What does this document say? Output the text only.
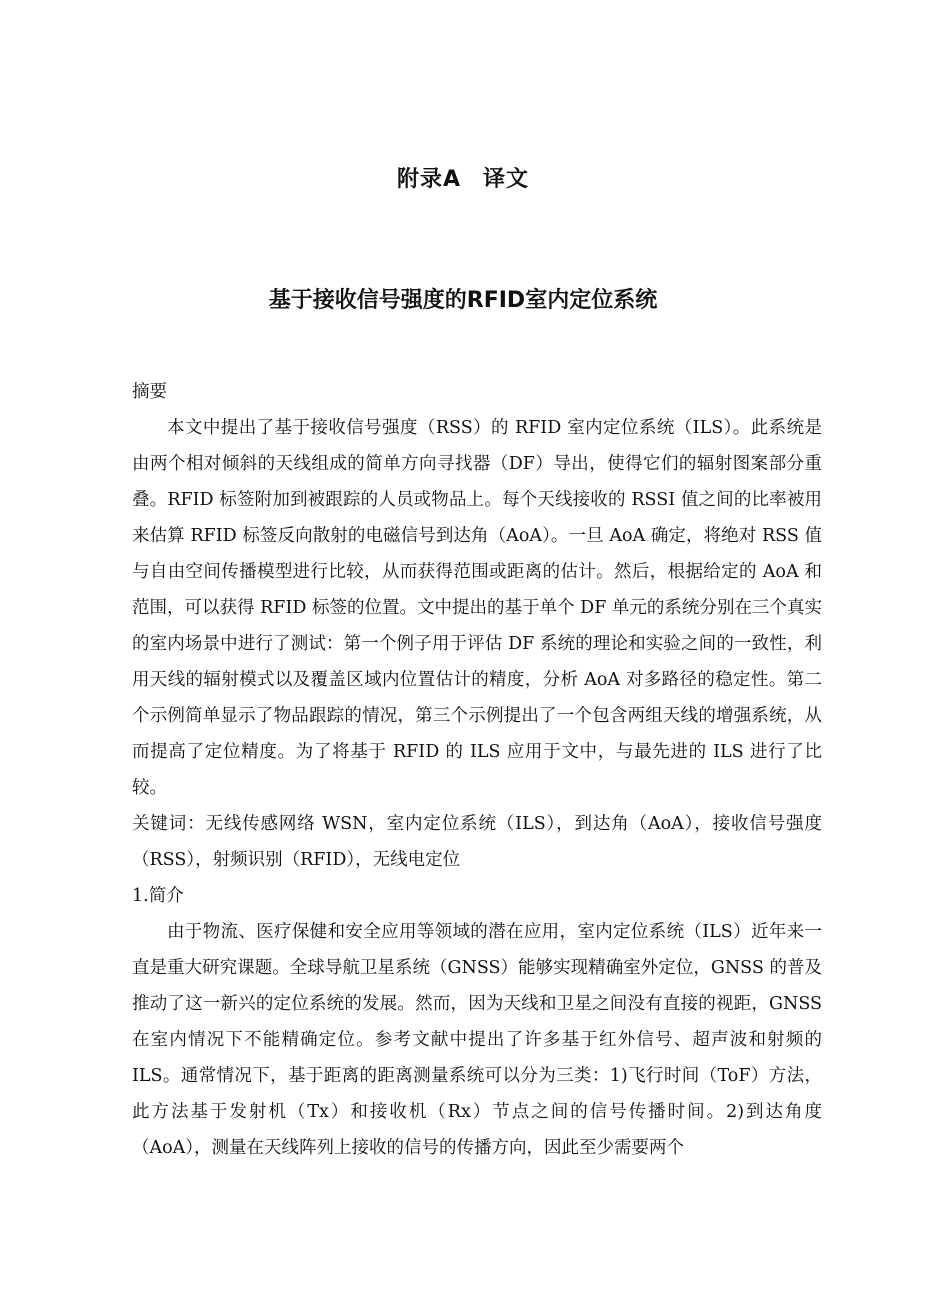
附录A 译文
基于接收信号强度的RFID室内定位系统

摘要

本文中提出了基于接收信号强度（RSS）的 RFID 室内定位系统（ILS）。此系统是由两个相对倾斜的天线组成的简单方向寻找器（DF）导出，使得它们的辐射图案部分重叠。RFID 标签附加到被跟踪的人员或物品上。每个天线接收的 RSSI 值之间的比率被用来估算 RFID 标签反向散射的电磁信号到达角（AoA）。一旦 AoA 确定，将绝对 RSS 值与自由空间传播模型进行比较，从而获得范围或距离的估计。然后，根据给定的 AoA 和范围，可以获得 RFID 标签的位置。文中提出的基于单个 DF 单元的系统分别在三个真实的室内场景中进行了测试：第一个例子用于评估 DF 系统的理论和实验之间的一致性，利用天线的辐射模式以及覆盖区域内位置估计的精度，分析 AoA 对多路径的稳定性。第二个示例简单显示了物品跟踪的情况，第三个示例提出了一个包含两组天线的增强系统，从而提高了定位精度。为了将基于 RFID 的 ILS 应用于文中，与最先进的 ILS 进行了比较。

关键词：无线传感网络 WSN，室内定位系统（ILS），到达角（AoA），接收信号强度（RSS），射频识别（RFID），无线电定位

1.简介

由于物流、医疗保健和安全应用等领域的潜在应用，室内定位系统（ILS）近年来一直是重大研究课题。全球导航卫星系统（GNSS）能够实现精确室外定位，GNSS 的普及推动了这一新兴的定位系统的发展。然而，因为天线和卫星之间没有直接的视距，GNSS 在室内情况下不能精确定位。参考文献中提出了许多基于红外信号、超声波和射频的 ILS。通常情况下，基于距离的距离测量系统可以分为三类：1)飞行时间（ToF）方法，此方法基于发射机（Tx）和接收机（Rx）节点之间的信号传播时间。2)到达角度（AoA），测量在天线阵列上接收的信号的传播方向，因此至少需要两个
